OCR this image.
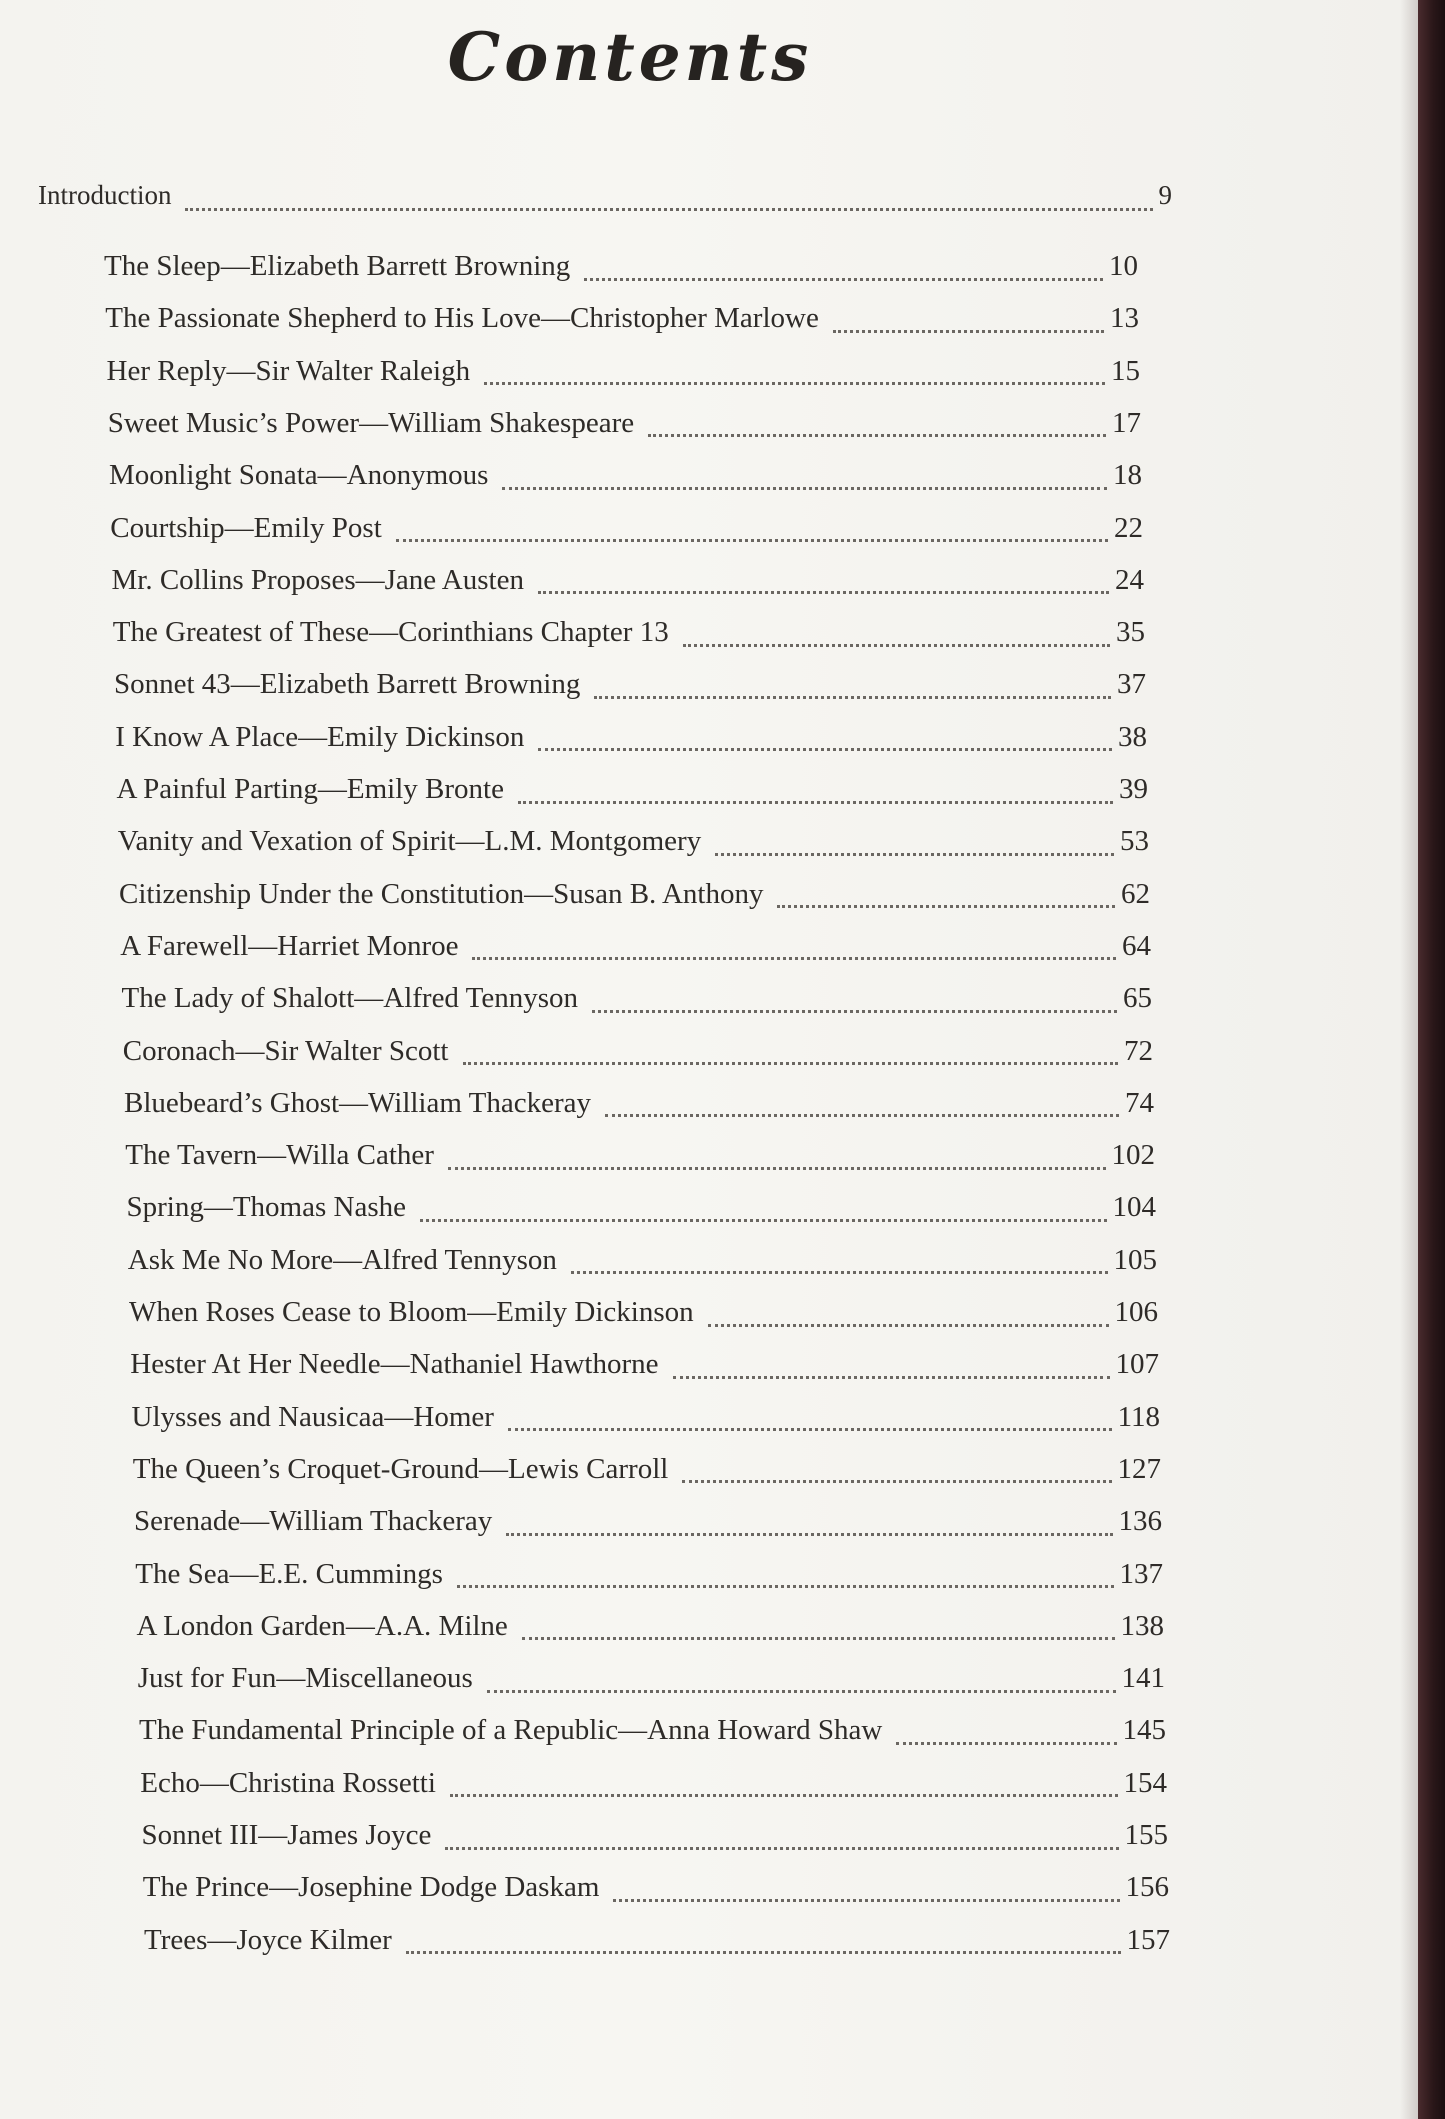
Contents
Introduction	9
The Sleep—Elizabeth Barrett Browning	10
The Passionate Shepherd to His Love—Christopher Marlowe	13
Her Reply—Sir Walter Raleigh	15
Sweet Music’s Power—William Shakespeare	17
Moonlight Sonata—Anonymous	18
Courtship—Emily Post	22
Mr. Collins Proposes—Jane Austen	24
The Greatest of These—Corinthians Chapter 13	35
Sonnet 43—Elizabeth Barrett Browning	37
I Know A Place—Emily Dickinson	38
A Painful Parting—Emily Bronte	39
Vanity and Vexation of Spirit—L.M. Montgomery	53
Citizenship Under the Constitution—Susan B. Anthony	62
A Farewell—Harriet Monroe	64
The Lady of Shalott—Alfred Tennyson	65
Coronach—Sir Walter Scott	72
Bluebeard’s Ghost—William Thackeray	74
The Tavern—Willa Cather	102
Spring—Thomas Nashe	104
Ask Me No More—Alfred Tennyson	105
When Roses Cease to Bloom—Emily Dickinson	106
Hester At Her Needle—Nathaniel Hawthorne	107
Ulysses and Nausicaa—Homer	118
The Queen’s Croquet-Ground—Lewis Carroll	127
Serenade—William Thackeray	136
The Sea—E.E. Cummings	137
A London Garden—A.A. Milne	138
Just for Fun—Miscellaneous	141
The Fundamental Principle of a Republic—Anna Howard Shaw	145
Echo—Christina Rossetti	154
Sonnet III—James Joyce	155
The Prince—Josephine Dodge Daskam	156
Trees—Joyce Kilmer	157
